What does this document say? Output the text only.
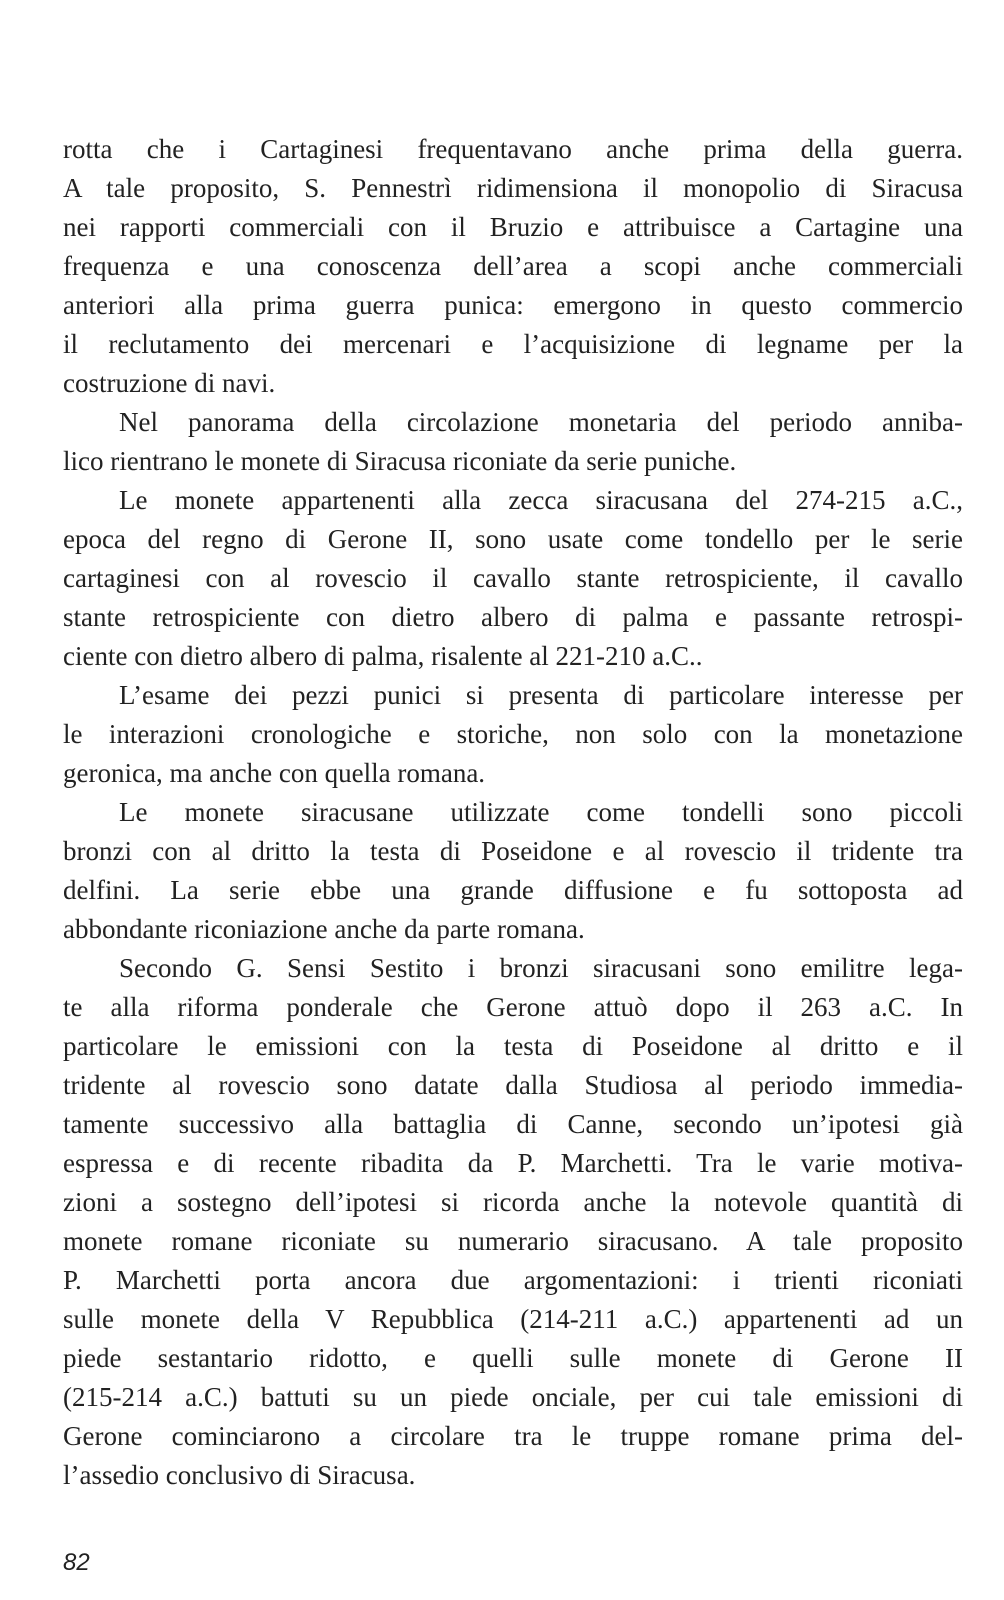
rotta che i Cartaginesi frequentavano anche prima della guerra.
A tale proposito, S. Pennestrì ridimensiona il monopolio di Siracusa
nei rapporti commerciali con il Bruzio e attribuisce a Cartagine una
frequenza e una conoscenza dell’area a scopi anche commerciali
anteriori alla prima guerra punica: emergono in questo commercio
il reclutamento dei mercenari e l’acquisizione di legname per la
costruzione di navi.
Nel panorama della circolazione monetaria del periodo anniba-
lico rientrano le monete di Siracusa riconiate da serie puniche.
Le monete appartenenti alla zecca siracusana del 274-215 a.C.,
epoca del regno di Gerone II, sono usate come tondello per le serie
cartaginesi con al rovescio il cavallo stante retrospiciente, il cavallo
stante retrospiciente con dietro albero di palma e passante retrospi-
ciente con dietro albero di palma, risalente al 221-210 a.C..
L’esame dei pezzi punici si presenta di particolare interesse per
le interazioni cronologiche e storiche, non solo con la monetazione
geronica, ma anche con quella romana.
Le monete siracusane utilizzate come tondelli sono piccoli
bronzi con al dritto la testa di Poseidone e al rovescio il tridente tra
delfini. La serie ebbe una grande diffusione e fu sottoposta ad
abbondante riconiazione anche da parte romana.
Secondo G. Sensi Sestito i bronzi siracusani sono emilitre lega-
te alla riforma ponderale che Gerone attuò dopo il 263 a.C. In
particolare le emissioni con la testa di Poseidone al dritto e il
tridente al rovescio sono datate dalla Studiosa al periodo immedia-
tamente successivo alla battaglia di Canne, secondo un’ipotesi già
espressa e di recente ribadita da P. Marchetti. Tra le varie motiva-
zioni a sostegno dell’ipotesi si ricorda anche la notevole quantità di
monete romane riconiate su numerario siracusano. A tale proposito
P. Marchetti porta ancora due argomentazioni: i trienti riconiati
sulle monete della V Repubblica (214-211 a.C.) appartenenti ad un
piede sestantario ridotto, e quelli sulle monete di Gerone II
(215-214 a.C.) battuti su un piede onciale, per cui tale emissioni di
Gerone cominciarono a circolare tra le truppe romane prima del-
l’assedio conclusivo di Siracusa.
82
